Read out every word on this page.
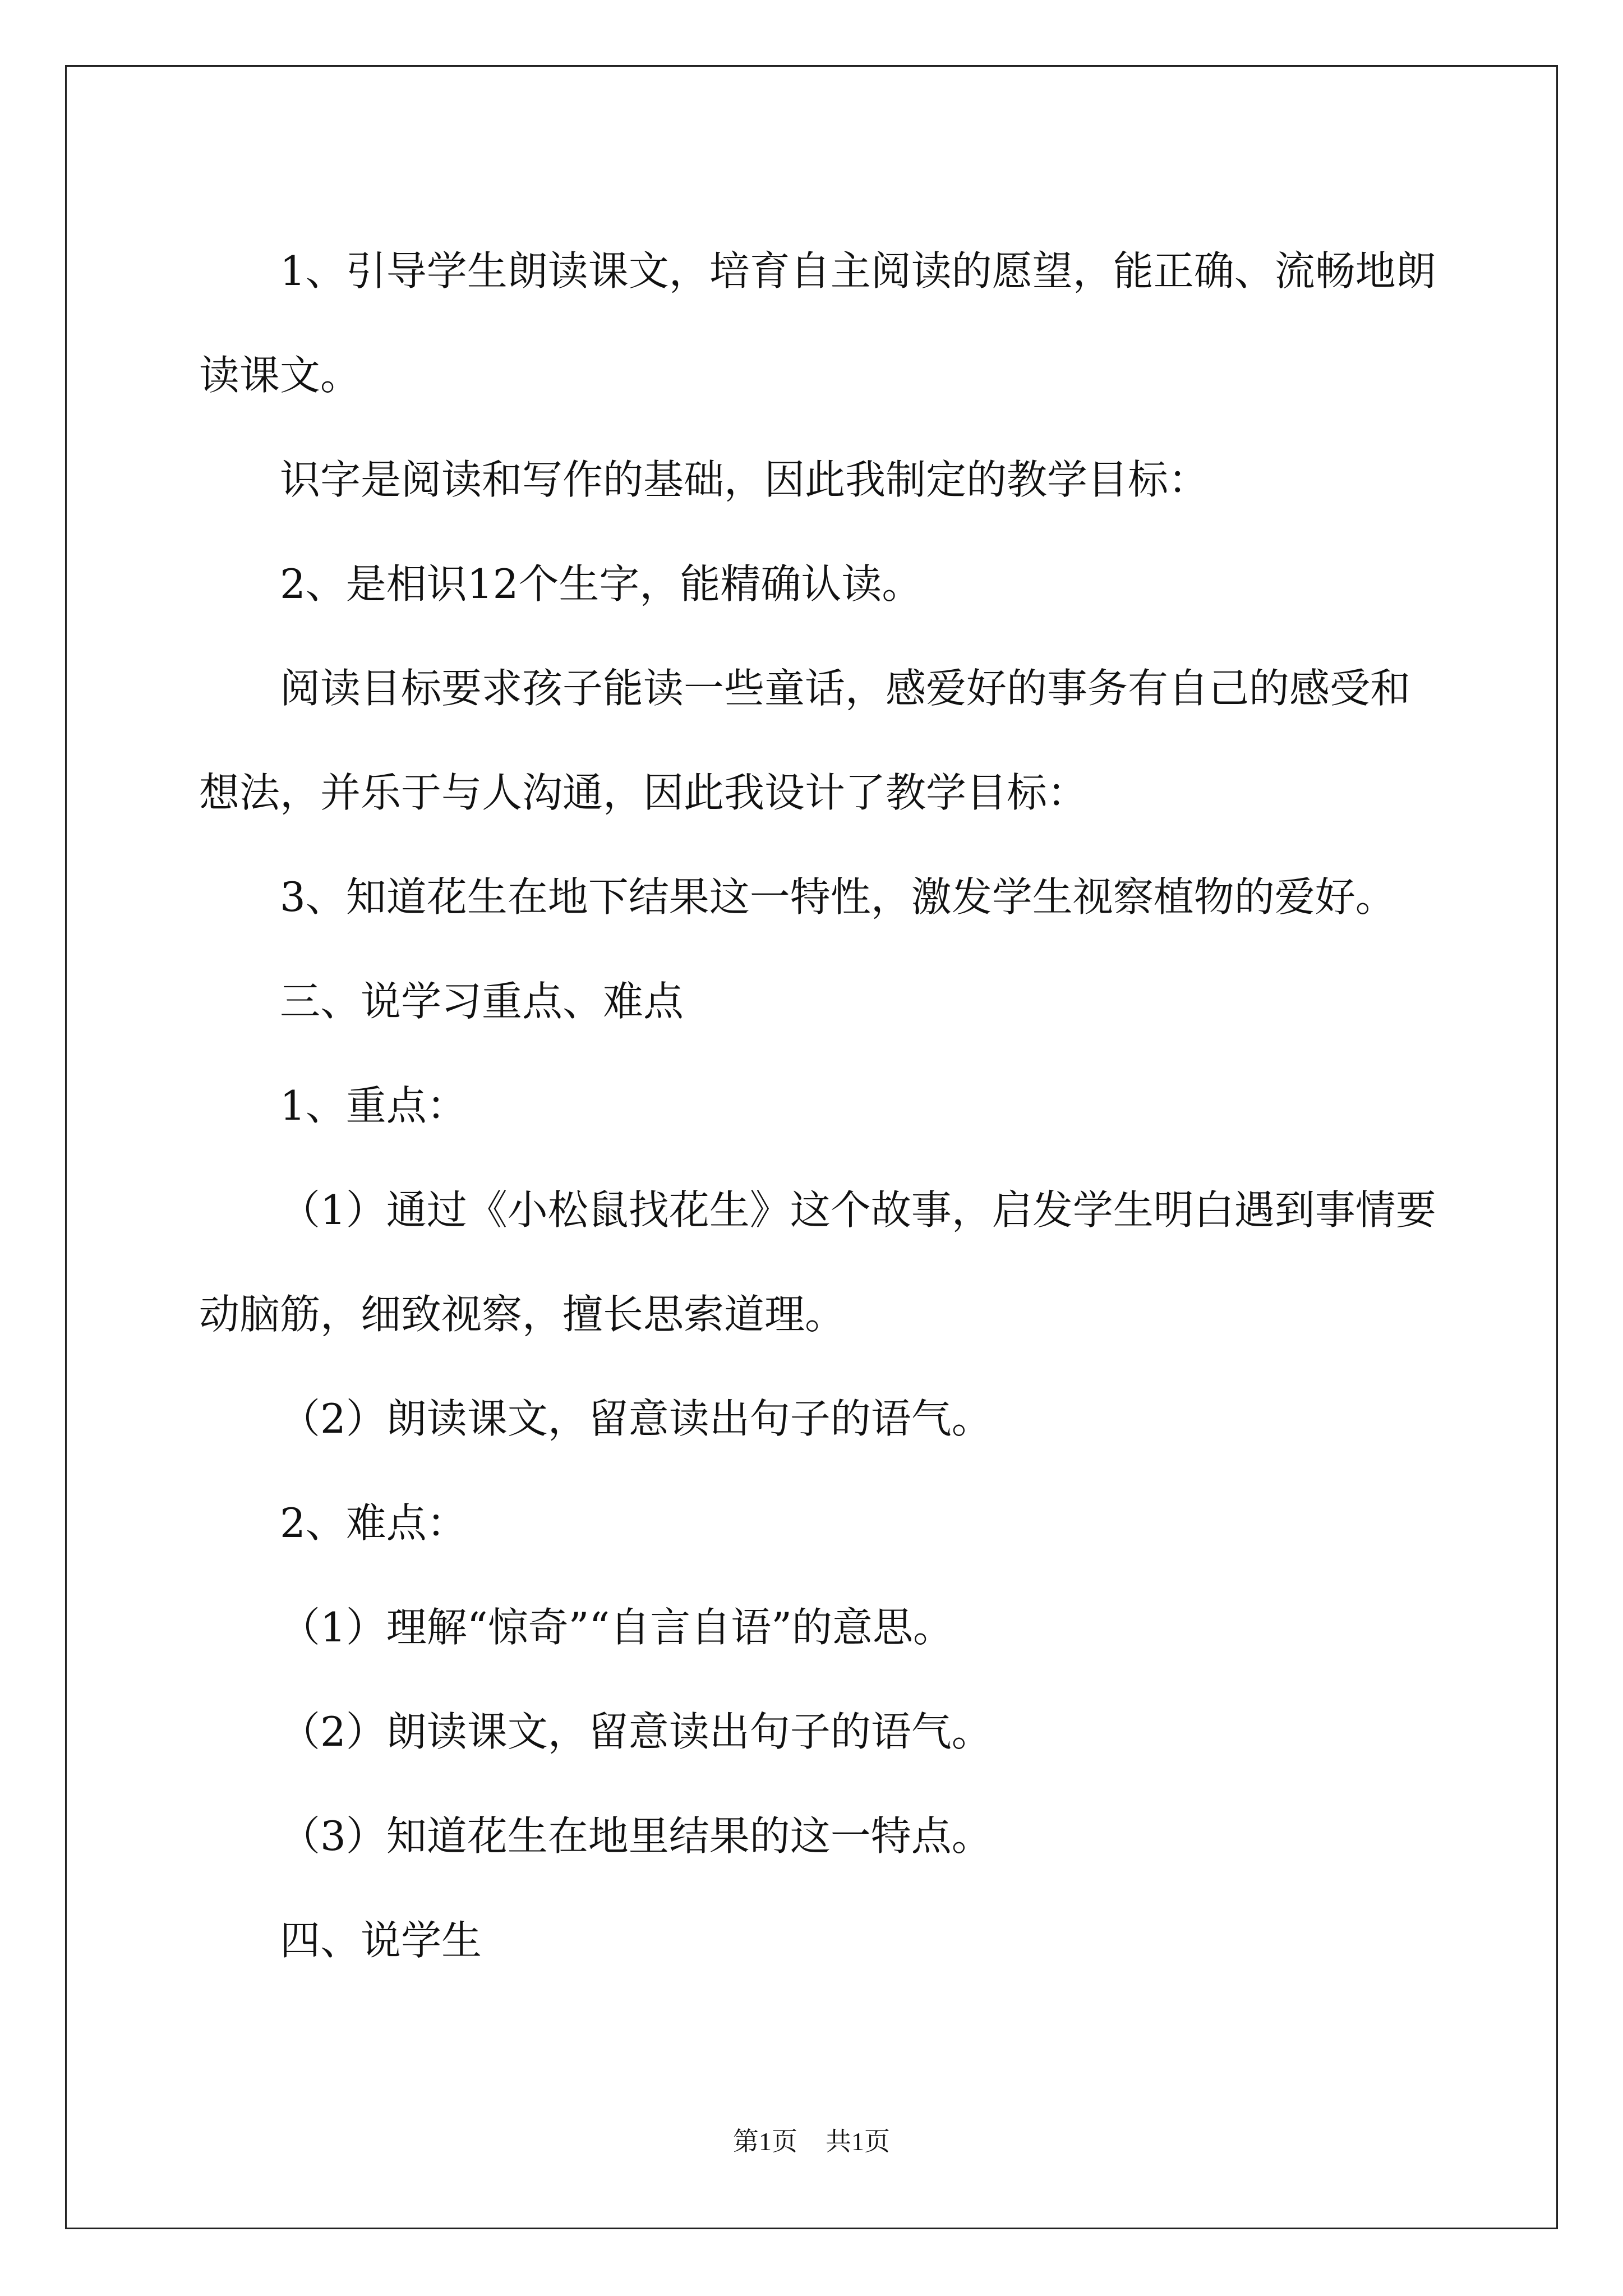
1、引导学生朗读课文，培育自主阅读的愿望，能正确、流畅地朗

读课文。

识字是阅读和写作的基础，因此我制定的教学目标：

2、是相识12个生字，能精确认读。

阅读目标要求孩子能读一些童话，感爱好的事务有自己的感受和

想法，并乐于与人沟通，因此我设计了教学目标：

3、知道花生在地下结果这一特性，激发学生视察植物的爱好。

三、说学习重点、难点

1、重点：

（1）通过《小松鼠找花生》这个故事，启发学生明白遇到事情要

动脑筋，细致视察，擅长思索道理。

（2）朗读课文，留意读出句子的语气。

2、难点：

（1）理解“惊奇”“自言自语”的意思。

（2）朗读课文，留意读出句子的语气。

（3）知道花生在地里结果的这一特点。

四、说学生

第1页 共1页
